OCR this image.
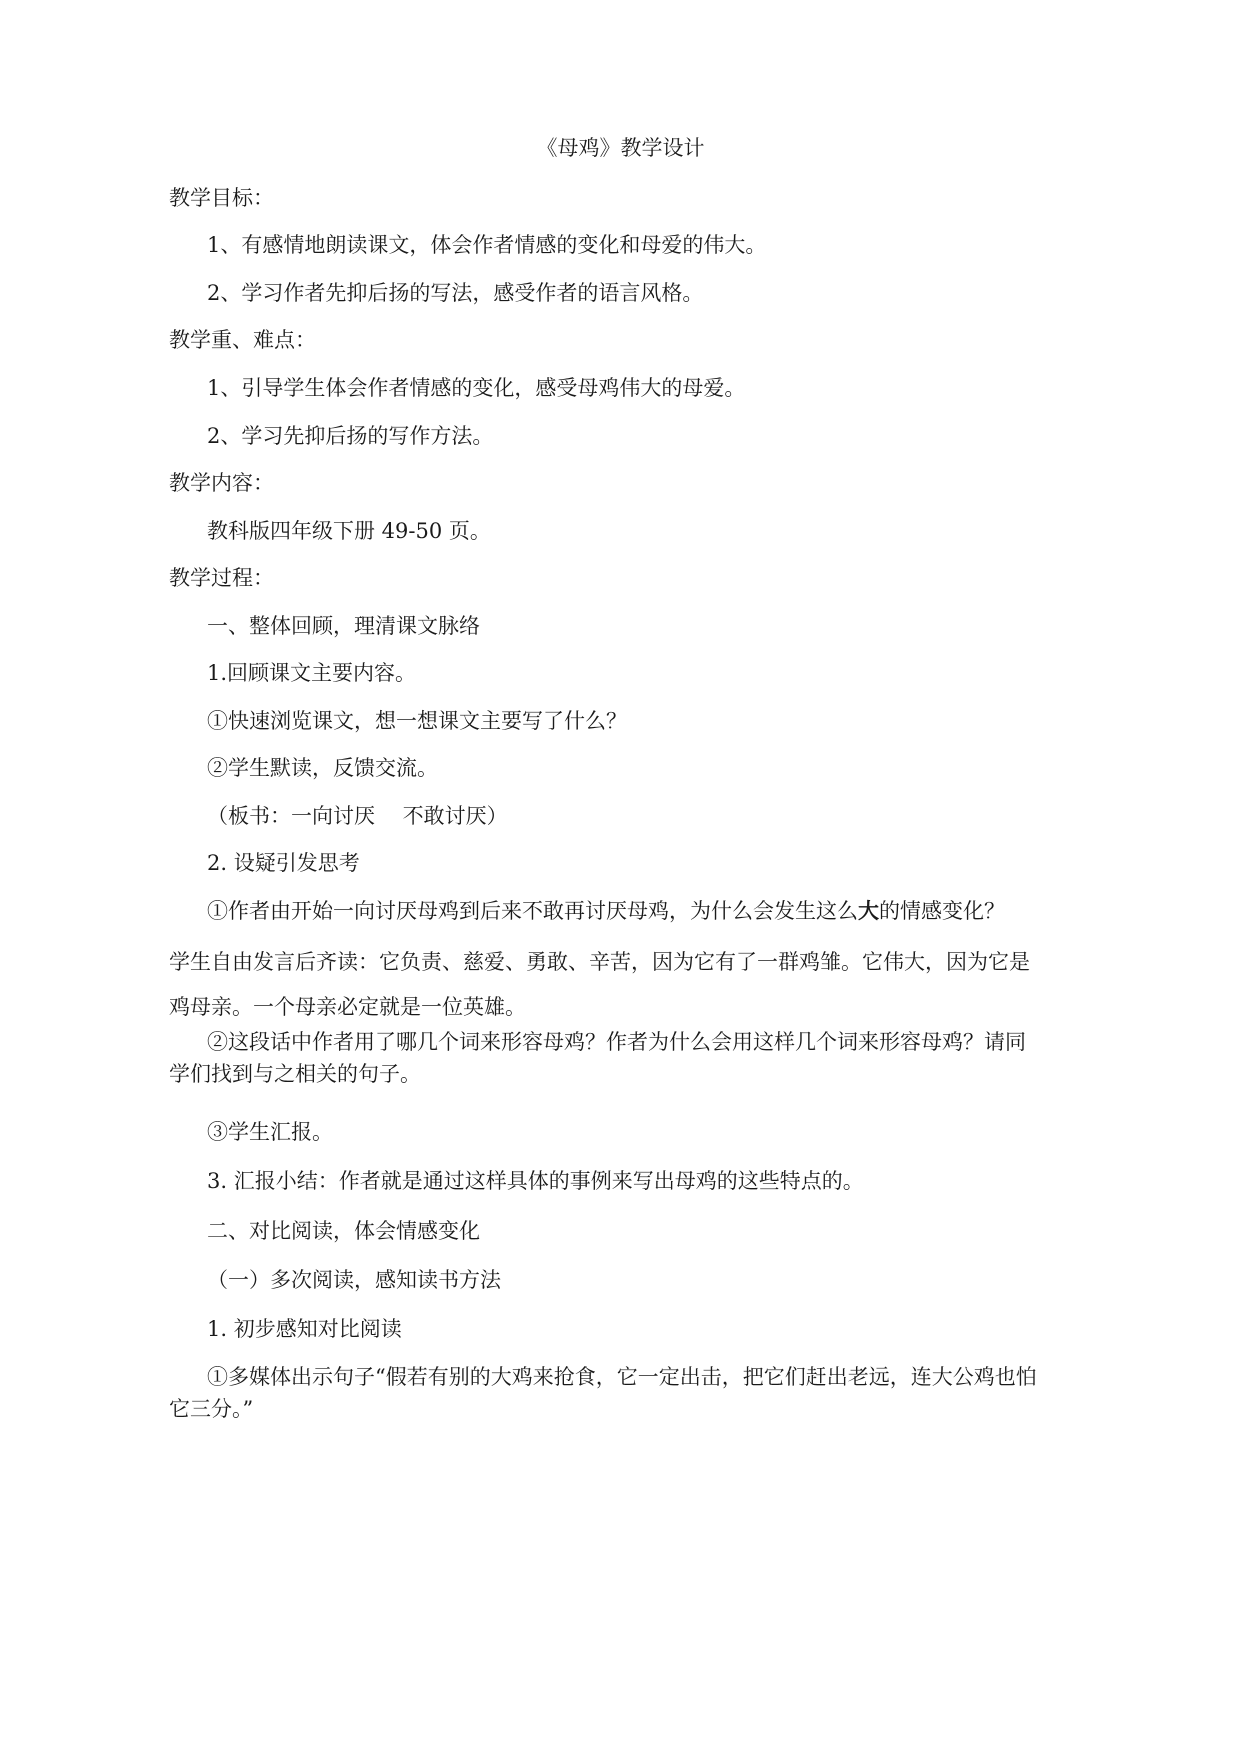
《母鸡》教学设计
教学目标：
1、有感情地朗读课文，体会作者情感的变化和母爱的伟大。
2、学习作者先抑后扬的写法，感受作者的语言风格。
教学重、难点：
1、引导学生体会作者情感的变化，感受母鸡伟大的母爱。
2、学习先抑后扬的写作方法。
教学内容：
教科版四年级下册 49-50 页。
教学过程：
一、整体回顾，理清课文脉络
1.回顾课文主要内容。
①快速浏览课文，想一想课文主要写了什么？
②学生默读，反馈交流。
（板书：一向讨厌　 不敢讨厌）
2. 设疑引发思考
①作者由开始一向讨厌母鸡到后来不敢再讨厌母鸡，为什么会发生这么大的情感变化？
学生自由发言后齐读：它负责、慈爱、勇敢、辛苦，因为它有了一群鸡雏。它伟大，因为它是鸡母亲。一个母亲必定就是一位英雄。
②这段话中作者用了哪几个词来形容母鸡？作者为什么会用这样几个词来形容母鸡？请同学们找到与之相关的句子。
③学生汇报。
3. 汇报小结：作者就是通过这样具体的事例来写出母鸡的这些特点的。
二、对比阅读，体会情感变化
（一）多次阅读，感知读书方法
1. 初步感知对比阅读
①多媒体出示句子“假若有别的大鸡来抢食，它一定出击，把它们赶出老远，连大公鸡也怕它三分。”
